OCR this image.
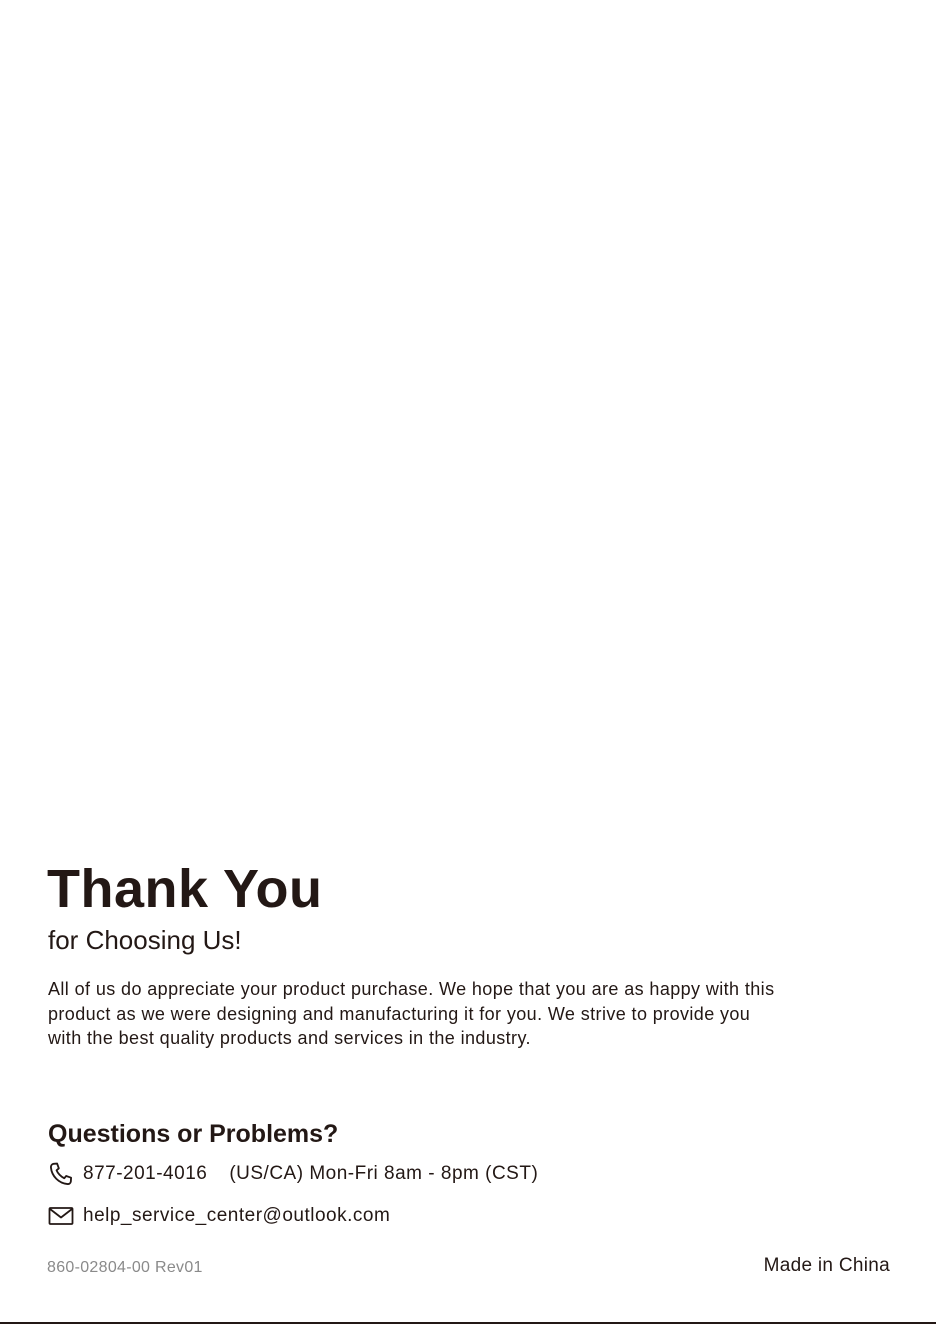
Thank You
for Choosing Us!

All of us do appreciate your product purchase. We hope that you are as happy with this
product as we were designing and manufacturing it for you. We strive to provide you
with the best quality products and services in the industry.

Questions or Problems?
877-201-4016 (US/CA) Mon-Fri 8am - 8pm (CST)
help_service_center@outlook.com
860-02804-00 Rev01	Made in China
